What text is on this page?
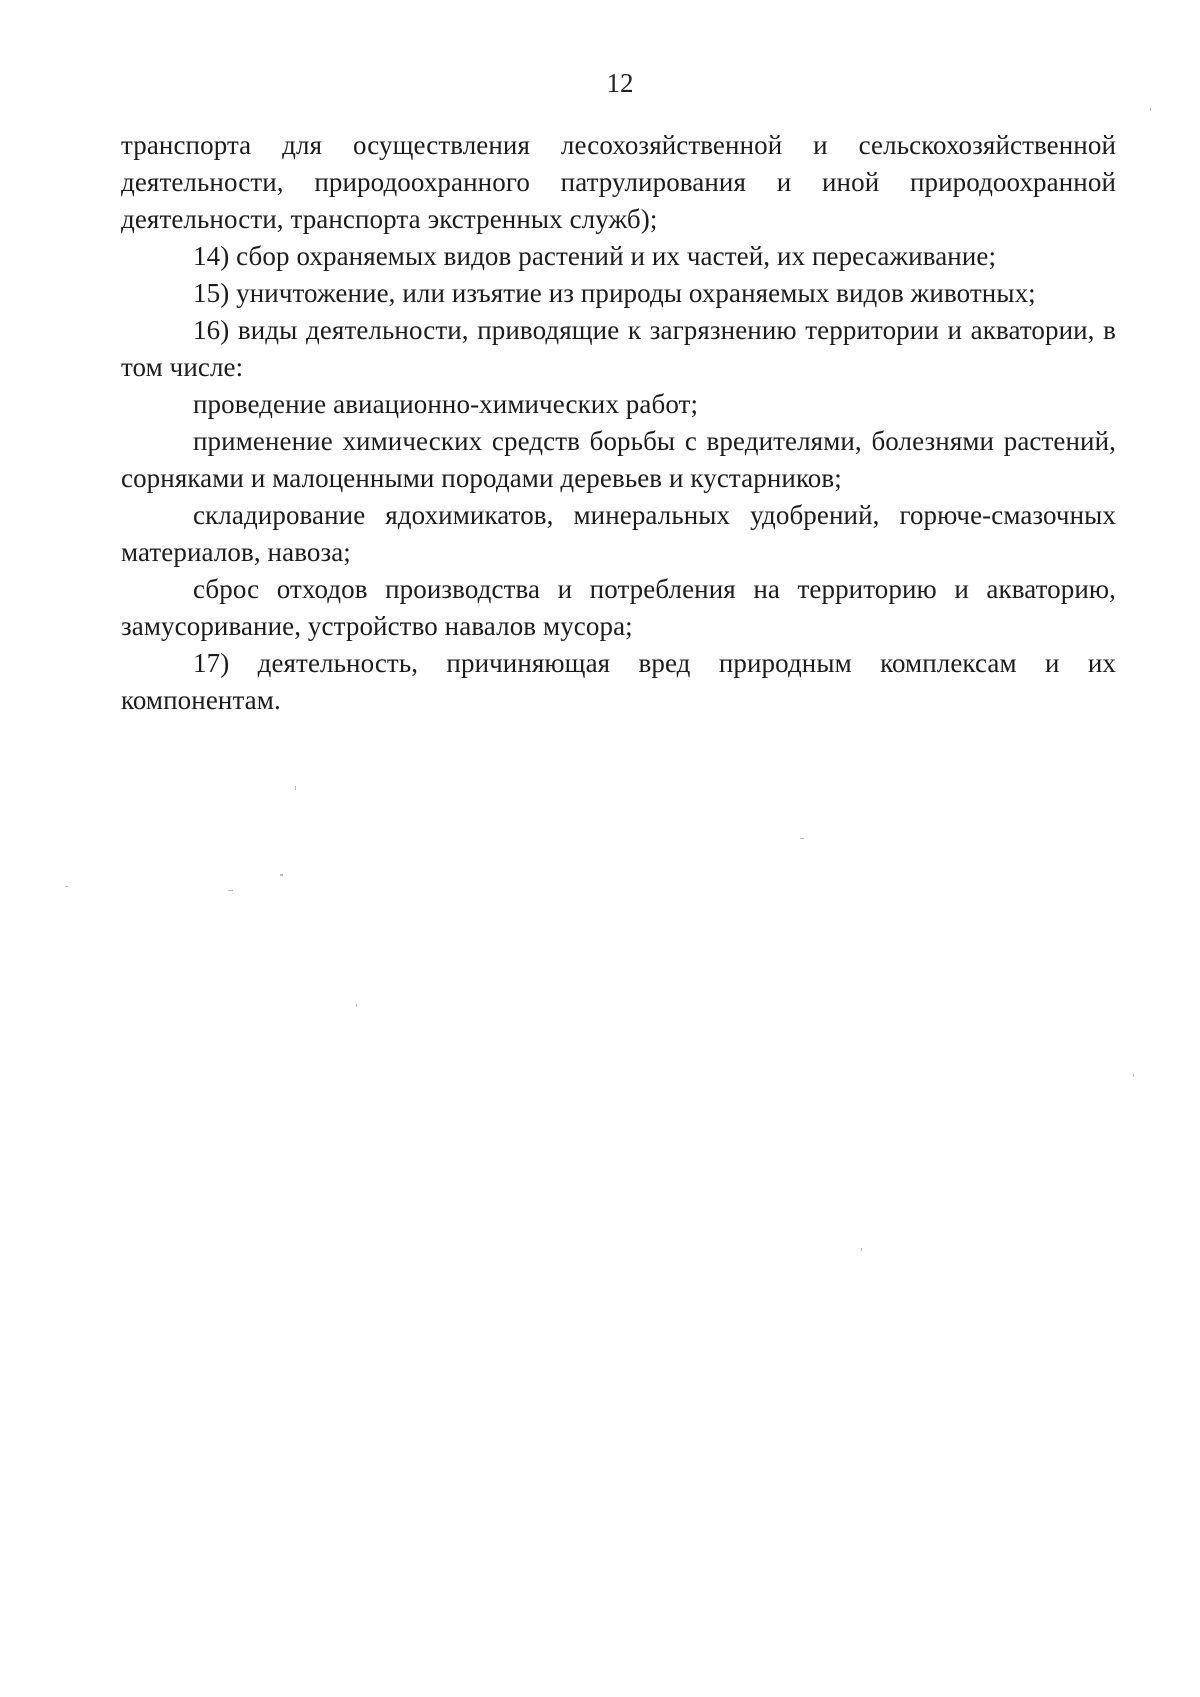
12

транспорта для осуществления лесохозяйственной и сельскохозяйственной деятельности, природоохранного патрулирования и иной природоохранной деятельности, транспорта экстренных служб);

14) сбор охраняемых видов растений и их частей, их пересаживание;

15) уничтожение, или изъятие из природы охраняемых видов животных;

16) виды деятельности, приводящие к загрязнению территории и акватории, в том числе:

проведение авиационно-химических работ;

применение химических средств борьбы с вредителями, болезнями растений, сорняками и малоценными породами деревьев и кустарников;

складирование ядохимикатов, минеральных удобрений, горюче-смазочных материалов, навоза;

сброс отходов производства и потребления на территорию и акваторию, замусоривание, устройство навалов мусора;

17) деятельность, причиняющая вред природным комплексам и их компонентам.
